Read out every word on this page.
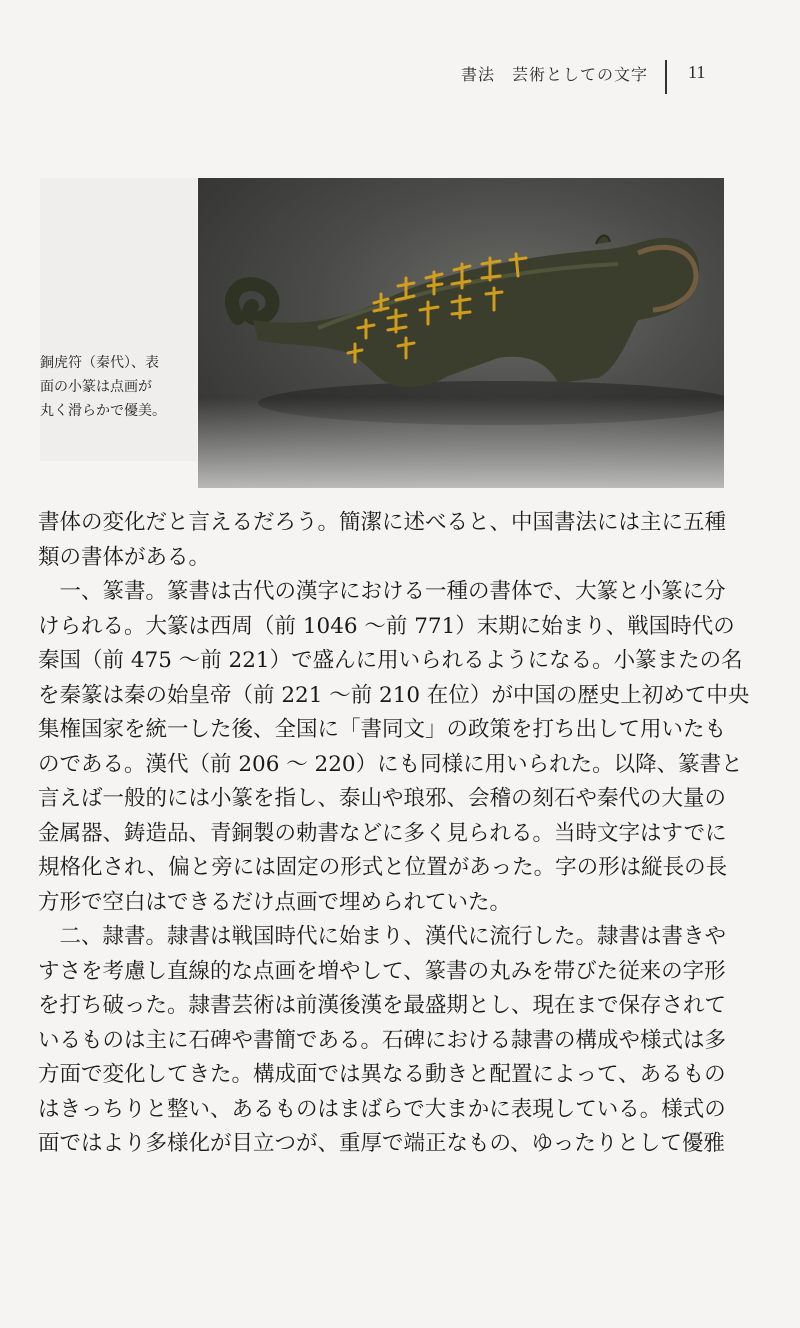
書法　芸術としての文字 11
銅虎符（秦代）、表
面の小篆は点画が
丸く滑らかで優美。
書体の変化だと言えるだろう。簡潔に述べると、中国書法には主に五種
類の書体がある。
　一、篆書。篆書は古代の漢字における一種の書体で、大篆と小篆に分
けられる。大篆は西周（前 1046 〜前 771）末期に始まり、戦国時代の
秦国（前 475 〜前 221）で盛んに用いられるようになる。小篆またの名
を秦篆は秦の始皇帝（前 221 〜前 210 在位）が中国の歴史上初めて中央
集権国家を統一した後、全国に「書同文」の政策を打ち出して用いたも
のである。漢代（前 206 〜 220）にも同様に用いられた。以降、篆書と
言えば一般的には小篆を指し、泰山や琅邪、会稽の刻石や秦代の大量の
金属器、鋳造品、青銅製の勅書などに多く見られる。当時文字はすでに
規格化され、偏と旁には固定の形式と位置があった。字の形は縦長の長
方形で空白はできるだけ点画で埋められていた。
　二、隷書。隷書は戦国時代に始まり、漢代に流行した。隷書は書きや
すさを考慮し直線的な点画を増やして、篆書の丸みを帯びた従来の字形
を打ち破った。隷書芸術は前漢後漢を最盛期とし、現在まで保存されて
いるものは主に石碑や書簡である。石碑における隷書の構成や様式は多
方面で変化してきた。構成面では異なる動きと配置によって、あるもの
はきっちりと整い、あるものはまばらで大まかに表現している。様式の
面ではより多様化が目立つが、重厚で端正なもの、ゆったりとして優雅
